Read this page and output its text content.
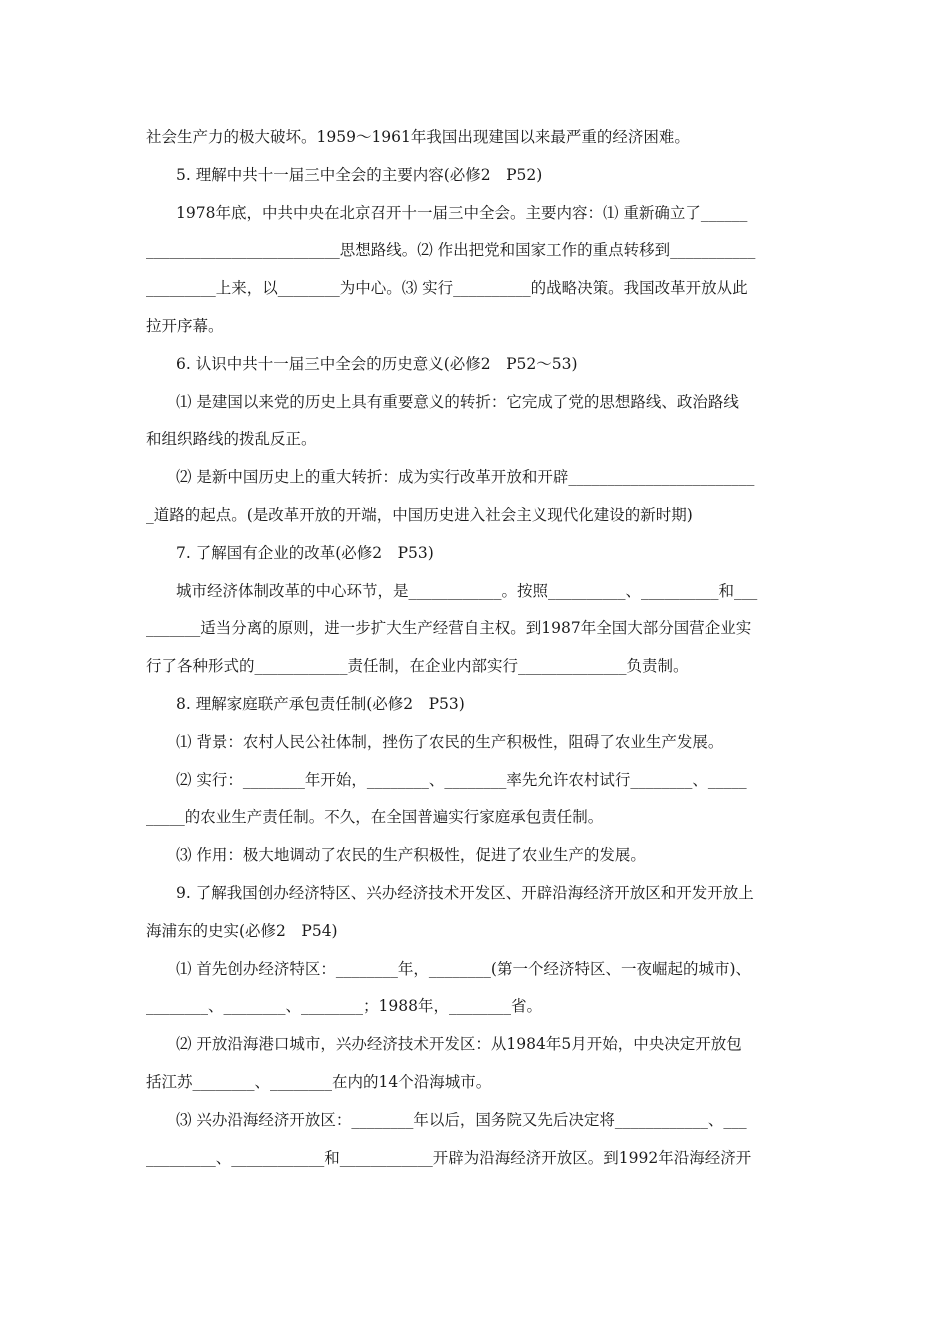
社会生产力的极大破坏。1959～1961年我国出现建国以来最严重的经济困难。
5. 理解中共十一届三中全会的主要内容(必修2　P52)
1978年底，中共中央在北京召开十一届三中全会。主要内容：⑴ 重新确立了______
_________________________思想路线。⑵ 作出把党和国家工作的重点转移到___________
_________上来，以________为中心。⑶ 实行__________的战略决策。我国改革开放从此
拉开序幕。
6. 认识中共十一届三中全会的历史意义(必修2　P52～53)
⑴ 是建国以来党的历史上具有重要意义的转折：它完成了党的思想路线、政治路线
和组织路线的拨乱反正。
⑵ 是新中国历史上的重大转折：成为实行改革开放和开辟________________________
_道路的起点。(是改革开放的开端，中国历史进入社会主义现代化建设的新时期)
7. 了解国有企业的改革(必修2　P53)
城市经济体制改革的中心环节，是____________。按照__________、__________和___
_______适当分离的原则，进一步扩大生产经营自主权。到1987年全国大部分国营企业实
行了各种形式的____________责任制，在企业内部实行______________负责制。
8. 理解家庭联产承包责任制(必修2　P53)
⑴ 背景：农村人民公社体制，挫伤了农民的生产积极性，阻碍了农业生产发展。
⑵ 实行：________年开始，________、________率先允许农村试行________、_____
_____的农业生产责任制。不久，在全国普遍实行家庭承包责任制。
⑶ 作用：极大地调动了农民的生产积极性，促进了农业生产的发展。
9. 了解我国创办经济特区、兴办经济技术开发区、开辟沿海经济开放区和开发开放上
海浦东的史实(必修2　P54)
⑴ 首先创办经济特区：________年，________(第一个经济特区、一夜崛起的城市)、
________、________、________；1988年，________省。
⑵ 开放沿海港口城市，兴办经济技术开发区：从1984年5月开始，中央决定开放包
括江苏________、________在内的14个沿海城市。
⑶ 兴办沿海经济开放区：________年以后，国务院又先后决定将____________、___
_________、____________和____________开辟为沿海经济开放区。到1992年沿海经济开
